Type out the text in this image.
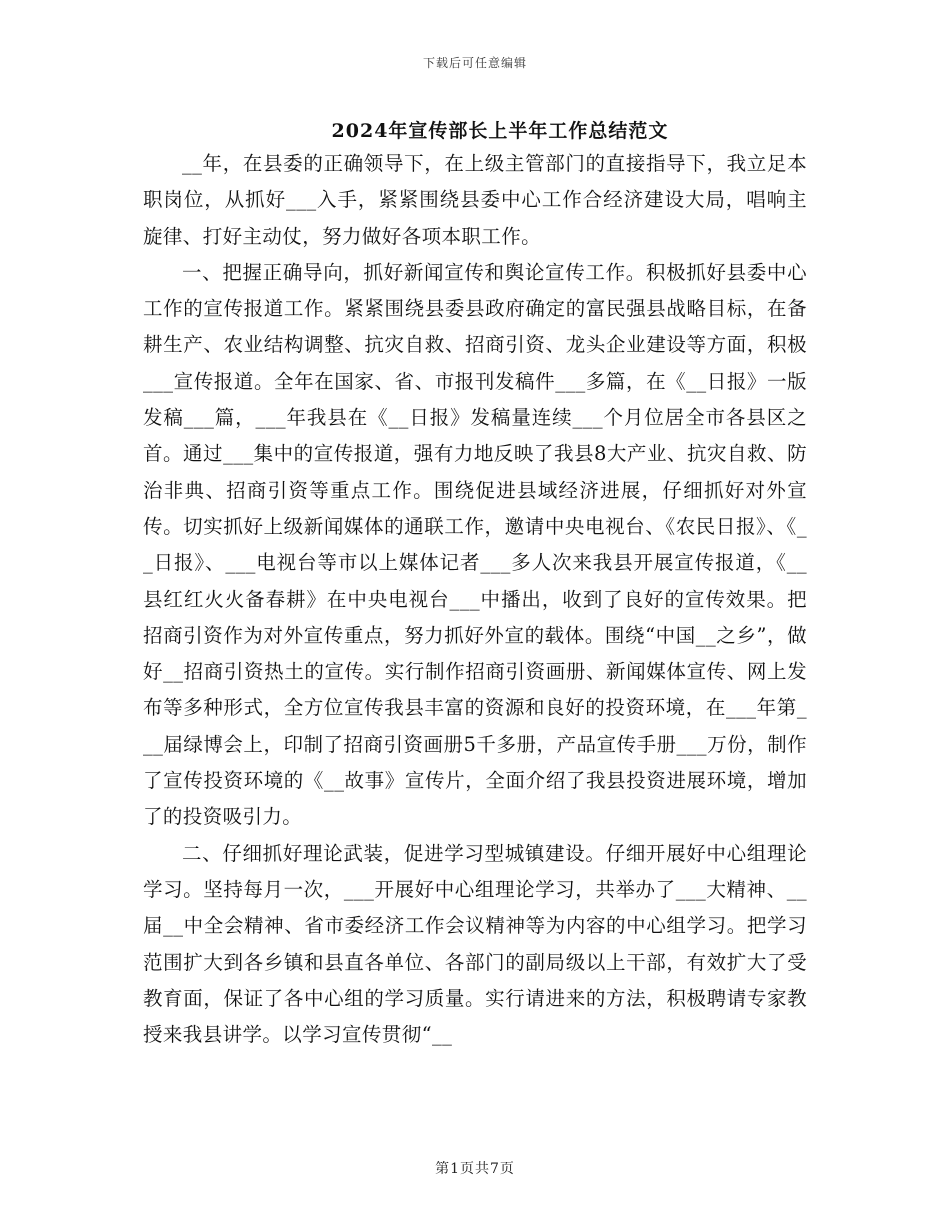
下载后可任意编辑
2024年宣传部长上半年工作总结范文

__年，在县委的正确领导下，在上级主管部门的直接指导下，我立足本职岗位，从抓好___入手，紧紧围绕县委中心工作合经济建设大局，唱响主旋律、打好主动仗，努力做好各项本职工作。

一、把握正确导向，抓好新闻宣传和舆论宣传工作。积极抓好县委中心工作的宣传报道工作。紧紧围绕县委县政府确定的富民强县战略目标，在备耕生产、农业结构调整、抗灾自救、招商引资、龙头企业建设等方面，积极___宣传报道。全年在国家、省、市报刊发稿件___多篇，在《__日报》一版发稿___篇，___年我县在《__日报》发稿量连续___个月位居全市各县区之首。通过___集中的宣传报道，强有力地反映了我县8大产业、抗灾自救、防治非典、招商引资等重点工作。围绕促进县域经济进展，仔细抓好对外宣传。切实抓好上级新闻媒体的通联工作，邀请中央电视台、《农民日报》、《__日报》、___电视台等市以上媒体记者___多人次来我县开展宣传报道，《__县红红火火备春耕》在中央电视台___中播出，收到了良好的宣传效果。把招商引资作为对外宣传重点，努力抓好外宣的载体。围绕“中国__之乡”，做好__招商引资热土的宣传。实行制作招商引资画册、新闻媒体宣传、网上发布等多种形式，全方位宣传我县丰富的资源和良好的投资环境，在___年第___届绿博会上，印制了招商引资画册5千多册，产品宣传手册___万份，制作了宣传投资环境的《__故事》宣传片，全面介绍了我县投资进展环境，增加了的投资吸引力。

二、仔细抓好理论武装，促进学习型城镇建设。仔细开展好中心组理论学习。坚持每月一次，___开展好中心组理论学习，共举办了___大精神、__届__中全会精神、省市委经济工作会议精神等为内容的中心组学习。把学习范围扩大到各乡镇和县直各单位、各部门的副局级以上干部，有效扩大了受教育面，保证了各中心组的学习质量。实行请进来的方法，积极聘请专家教授来我县讲学。以学习宣传贯彻“__

第1页共7页
